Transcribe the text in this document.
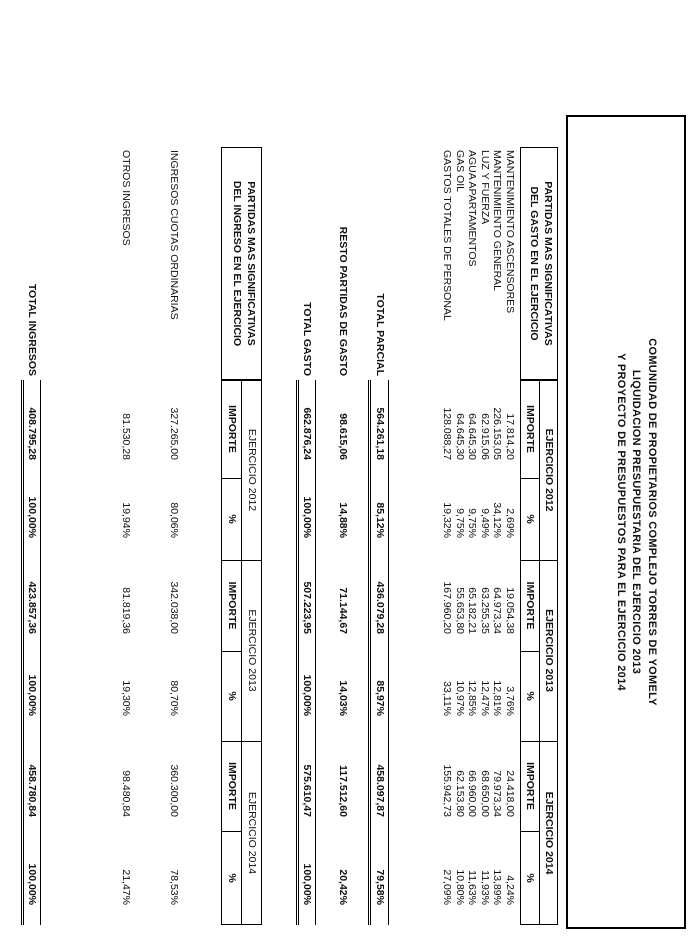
COMUNIDAD DE PROPIETARIOS COMPLEJO TORRES DE YOMELY
LIQUIDACION PRESUPUESTARIA DEL EJERCICIO 2013
Y PROYECTO DE PRESUPUESTOS PARA EL EJERCICIO 2014
PARTIDAS MAS SIGNIFICATIVAS
DEL GASTO EN EL EJERCICIO
EJERCICIO 2012
EJERCICIO 2013
EJERCICIO 2014
IMPORTE
%
IMPORTE
%
IMPORTE
%
MANTENIMIENTO ASCENSORES
17.814,20
2,69%
19.054,38
3,76%
24.418,00
4,24%
MANTENIMIENTO GENERAL
226.153,05
34,12%
64.973,34
12,81%
79.973,34
13,89%
LUZ Y FUERZA
62.915,06
9,49%
63.255,35
12,47%
68.650,00
11,93%
AGUA APARTAMENTOS
64.645,30
9,75%
65.182,21
12,85%
66.960,00
11,63%
GAS OIL
64.645,30
9,75%
55.653,80
10,97%
62.153,80
10,80%
GASTOS TOTALES DE PERSONAL
128.088,27
19,32%
167.960,20
33,11%
155.942,73
27,09%
TOTAL PARCIAL
564.261,18
85,12%
436.079,28
85,97%
458.097,87
79,58%
RESTO PARTIDAS DE GASTO
98.615,06
14,88%
71.144,67
14,03%
117.512,60
20,42%
TOTAL GASTO
662.876,24
100,00%
507.223,95
100,00%
575.610,47
100,00%
PARTIDAS MAS SIGNIFICATIVAS
DEL INGRESO EN EL EJERCICIO
EJERCICIO 2012
EJERCICIO 2013
EJERCICIO 2014
IMPORTE
%
IMPORTE
%
IMPORTE
%
INGRESOS CUOTAS ORDINARIAS
327.265,00
80,06%
342.038,00
80,70%
360.300,00
78,53%
OTROS INGRESOS
81.530,28
19,94%
81.819,36
19,30%
98.480,84
21,47%
TOTAL INGRESOS
408.795,28
100,00%
423.857,36
100,00%
458.780,84
100,00%
